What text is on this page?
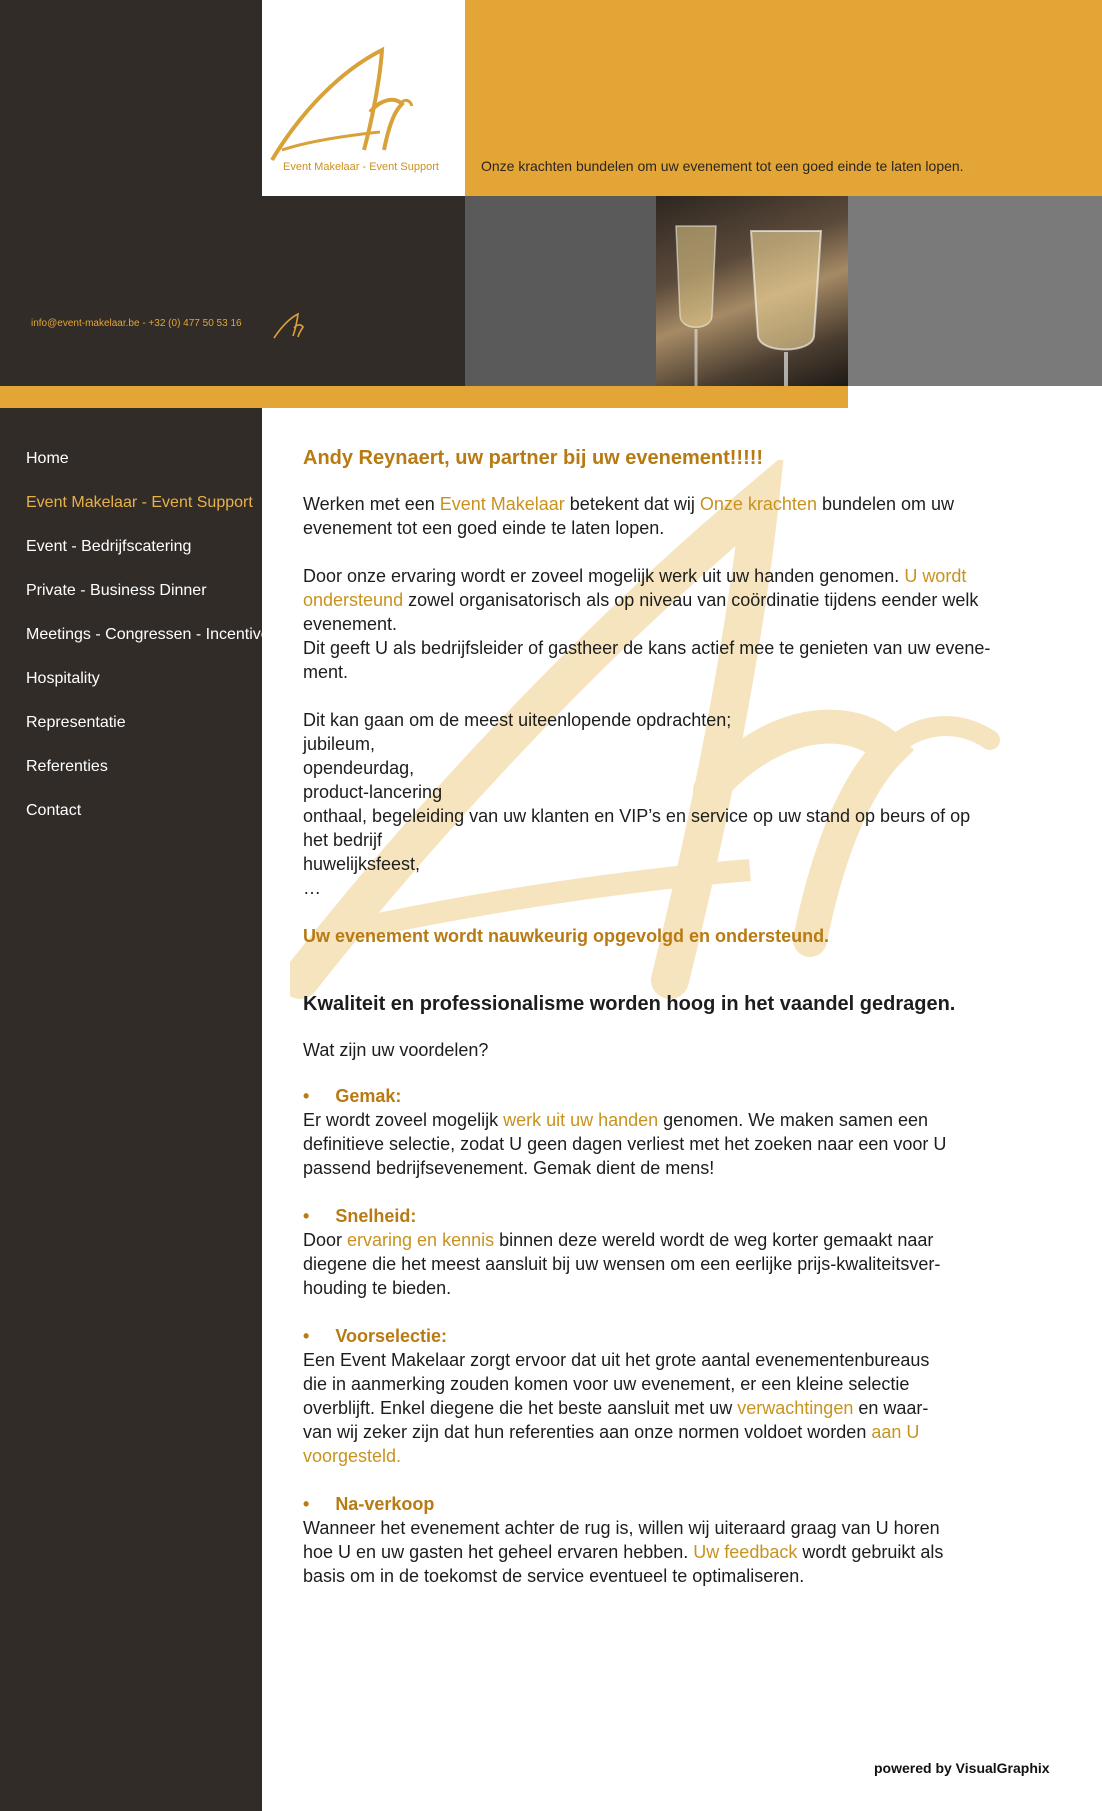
Event Makelaar - Event Support	Onze krachten bundelen om uw evenement tot een goed einde te laten lopen.
info@event-makelaar.be - +32 (0) 477 50 53 16
Home
Event Makelaar - Event Support
Event - Bedrijfscatering
Private - Business Dinner
Meetings - Congressen - Incentives
Hospitality
Representatie
Referenties
Contact

Andy Reynaert, uw partner bij uw evenement!!!!!

Werken met een Event Makelaar betekent dat wij Onze krachten bundelen om uw
evenement tot een goed einde te laten lopen.

Door onze ervaring wordt er zoveel mogelijk werk uit uw handen genomen. U wordt
ondersteund zowel organisatorisch als op niveau van coördinatie tijdens eender welk
evenement.
Dit geeft U als bedrijfsleider of gastheer de kans actief mee te genieten van uw evene-
ment.

Dit kan gaan om de meest uiteenlopende opdrachten;
jubileum,
opendeurdag,
product-lancering
onthaal, begeleiding van uw klanten en VIP’s en service op uw stand op beurs of op
het bedrijf
huwelijksfeest,
…

Uw evenement wordt nauwkeurig opgevolgd en ondersteund.

Kwaliteit en professionalisme worden hoog in het vaandel gedragen.

Wat zijn uw voordelen?

• Gemak:
Er wordt zoveel mogelijk werk uit uw handen genomen. We maken samen een
definitieve selectie, zodat U geen dagen verliest met het zoeken naar een voor U
passend bedrijfsevenement. Gemak dient de mens!

• Snelheid:
Door ervaring en kennis binnen deze wereld wordt de weg korter gemaakt naar
diegene die het meest aansluit bij uw wensen om een eerlijke prijs-kwaliteitsver-
houding te bieden.

• Voorselectie:
Een Event Makelaar zorgt ervoor dat uit het grote aantal evenementenbureaus
die in aanmerking zouden komen voor uw evenement, er een kleine selectie
overblijft. Enkel diegene die het beste aansluit met uw verwachtingen en waar-
van wij zeker zijn dat hun referenties aan onze normen voldoet worden aan U
voorgesteld.

• Na-verkoop
Wanneer het evenement achter de rug is, willen wij uiteraard graag van U horen
hoe U en uw gasten het geheel ervaren hebben. Uw feedback wordt gebruikt als
basis om in de toekomst de service eventueel te optimaliseren.

powered by VisualGraphix
